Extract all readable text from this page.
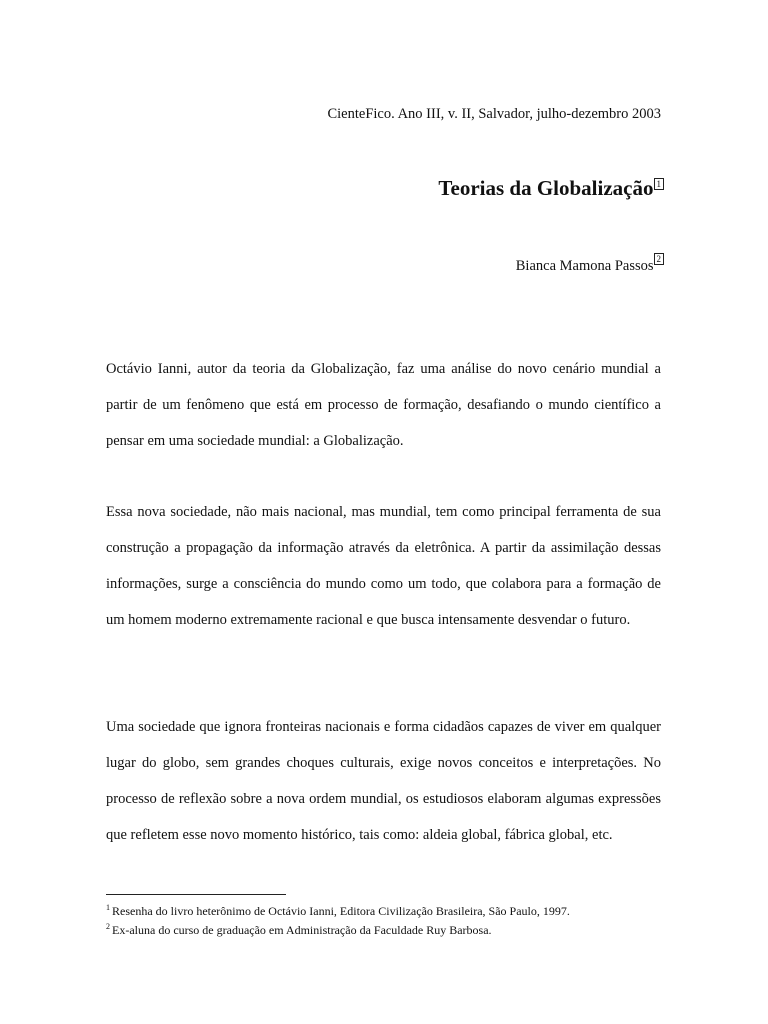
CienteFico. Ano III, v. II, Salvador, julho-dezembro 2003
Teorias da Globalização 1
Bianca Mamona Passos 2

Octávio Ianni, autor da teoria da Globalização, faz uma análise do novo cenário mundial a partir de um fenômeno que está em processo de formação, desafiando o mundo científico a pensar em uma sociedade mundial: a Globalização.

Essa nova sociedade, não mais nacional, mas mundial, tem como principal ferramenta de sua construção a propagação da informação através da eletrônica. A partir da assimilação dessas informações, surge a consciência do mundo como um todo, que colabora para a formação de um homem moderno extremamente racional e que busca intensamente desvendar o futuro.

Uma sociedade que ignora fronteiras nacionais e forma cidadãos capazes de viver em qualquer lugar do globo, sem grandes choques culturais, exige novos conceitos e interpretações. No processo de reflexão sobre a nova ordem mundial, os estudiosos elaboram algumas expressões que refletem esse novo momento histórico, tais como: aldeia global, fábrica global, etc.

$^1$ Resenha do livro heterônimo de Octávio Ianni, Editora Civilização Brasileira, São Paulo, 1997.

$^2$ Ex-aluna do curso de graduação em Administração da Faculdade Ruy Barbosa.
